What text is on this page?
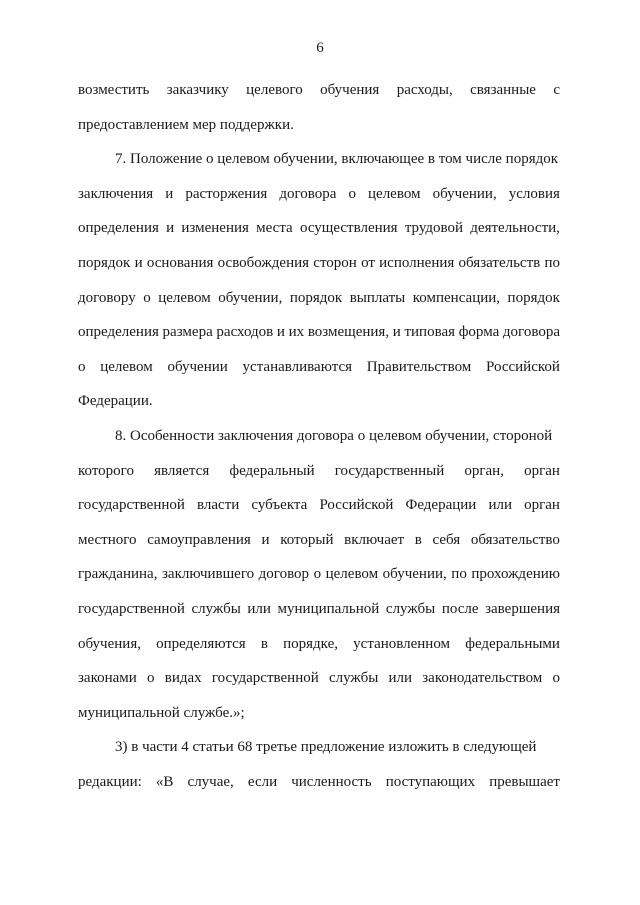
6
возместить заказчику целевого обучения расходы, связанные с
предоставлением мер поддержки.
7. Положение о целевом обучении, включающее в том числе порядок
заключения и расторжения договора о целевом обучении, условия
определения и изменения места осуществления трудовой деятельности,
порядок и основания освобождения сторон от исполнения обязательств по
договору о целевом обучении, порядок выплаты компенсации, порядок
определения размера расходов и их возмещения, и типовая форма договора
о целевом обучении устанавливаются Правительством Российской
Федерации.
8. Особенности заключения договора о целевом обучении, стороной
которого является федеральный государственный орган, орган
государственной власти субъекта Российской Федерации или орган
местного самоуправления и который включает в себя обязательство
гражданина, заключившего договор о целевом обучении, по прохождению
государственной службы или муниципальной службы после завершения
обучения, определяются в порядке, установленном федеральными
законами о видах государственной службы или законодательством о
муниципальной службе.»;
3) в части 4 статьи 68 третье предложение изложить в следующей
редакции: «В случае, если численность поступающих превышает
